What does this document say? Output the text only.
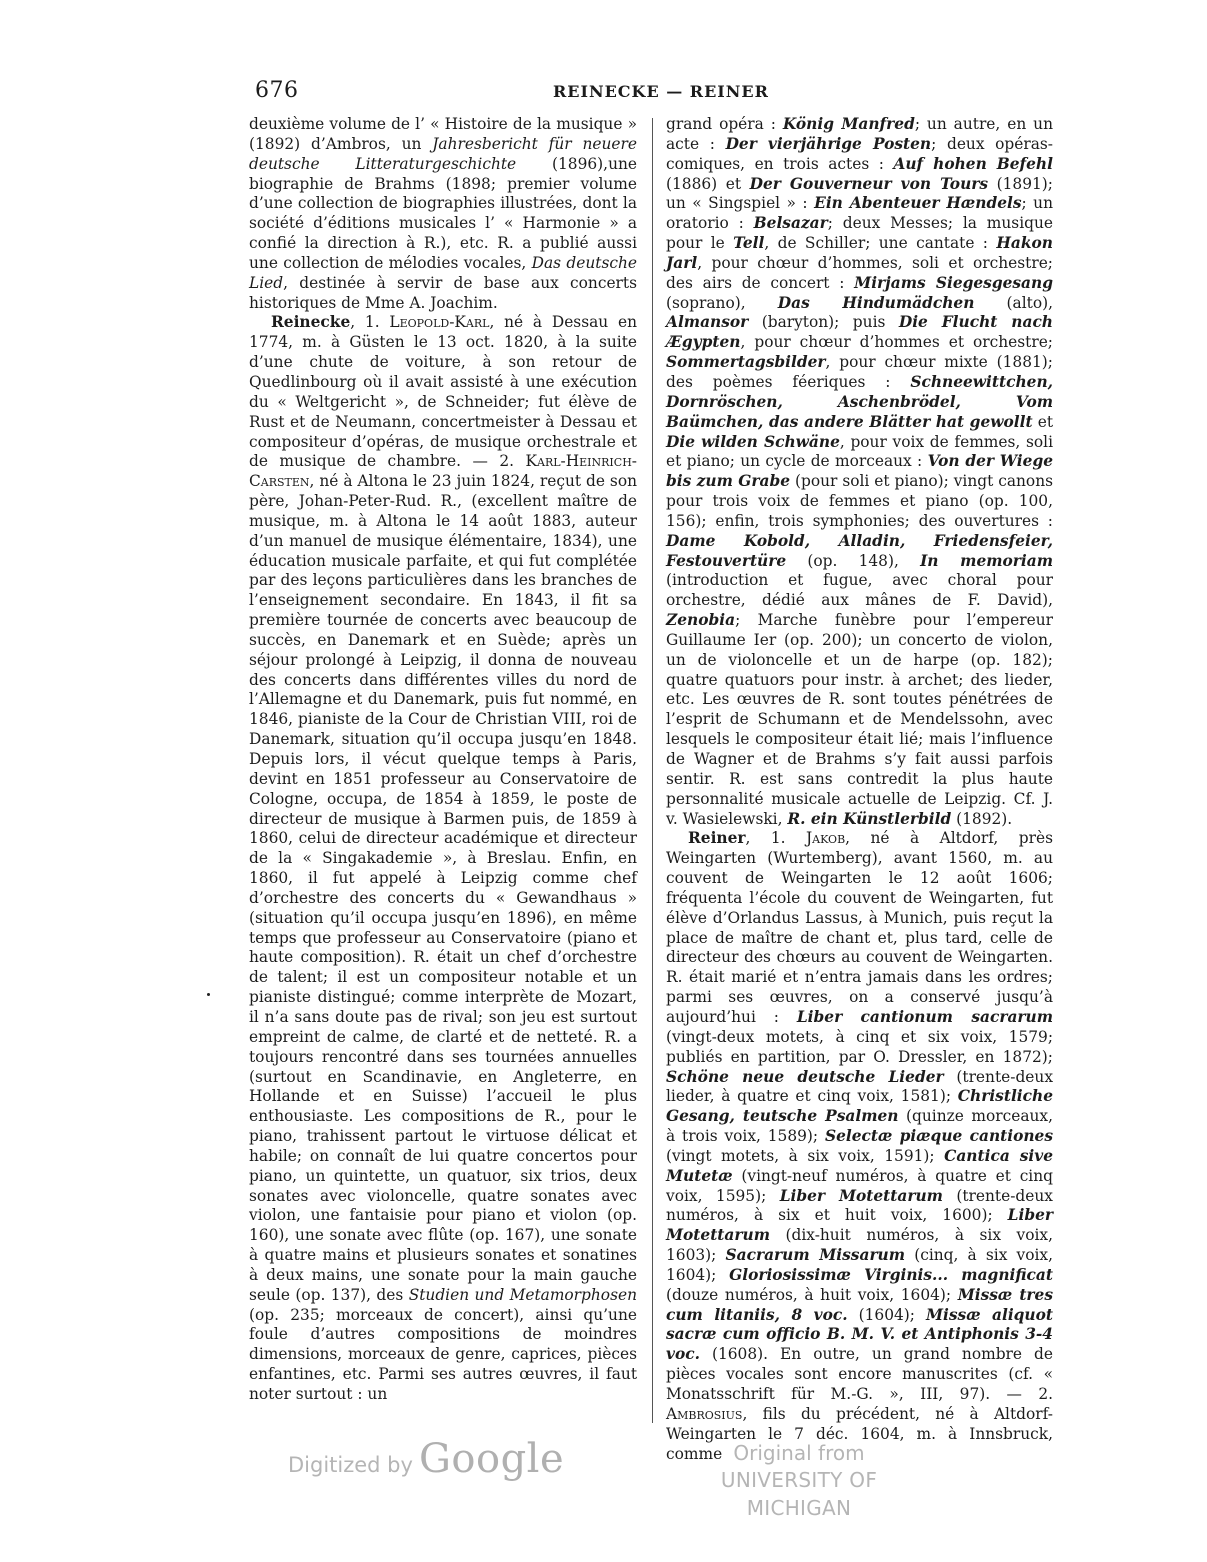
676	REINECKE — REINER

deuxième volume de l’ « Histoire de la musique » (1892) d’Ambros, un Jahresbericht für neuere deutsche Litteraturgeschichte (1896),une biographie de Brahms (1898; premier volume d’une collection de biographies illustrées, dont la société d’éditions musicales l’ « Harmonie » a confié la direction à R.), etc. R. a publié aussi une collection de mélodies vocales, Das deutsche Lied, destinée à servir de base aux concerts historiques de Mme A. Joachim.

Reinecke, 1. Leopold-Karl, né à Dessau en 1774, m. à Güsten le 13 oct. 1820, à la suite d’une chute de voiture, à son retour de Quedlinbourg où il avait assisté à une exécution du « Weltgericht », de Schneider; fut élève de Rust et de Neumann, concertmeister à Dessau et compositeur d’opéras, de musique orchestrale et de musique de chambre. — 2. Karl-Heinrich-Carsten, né à Altona le 23 juin 1824, reçut de son père, Johan-Peter-Rud. R., (excellent maître de musique, m. à Altona le 14 août 1883, auteur d’un manuel de musique élémentaire, 1834), une éducation musicale parfaite, et qui fut complétée par des leçons particulières dans les branches de l’enseignement secondaire. En 1843, il fit sa première tournée de concerts avec beaucoup de succès, en Danemark et en Suède; après un séjour prolongé à Leipzig, il donna de nouveau des concerts dans différentes villes du nord de l’Allemagne et du Danemark, puis fut nommé, en 1846, pianiste de la Cour de Christian VIII, roi de Danemark, situation qu’il occupa jusqu’en 1848. Depuis lors, il vécut quelque temps à Paris, devint en 1851 professeur au Conservatoire de Cologne, occupa, de 1854 à 1859, le poste de directeur de musique à Barmen puis, de 1859 à 1860, celui de directeur académique et directeur de la « Singakademie », à Breslau. Enfin, en 1860, il fut appelé à Leipzig comme chef d’orchestre des concerts du « Gewandhaus » (situation qu’il occupa jusqu’en 1896), en même temps que professeur au Conservatoire (piano et haute composition). R. était un chef d’orchestre de talent; il est un compositeur notable et un pianiste distingué; comme interprète de Mozart, il n’a sans doute pas de rival; son jeu est surtout empreint de calme, de clarté et de netteté. R. a toujours rencontré dans ses tournées annuelles (surtout en Scandinavie, en Angleterre, en Hollande et en Suisse) l’accueil le plus enthousiaste. Les compositions de R., pour le piano, trahissent partout le virtuose délicat et habile; on connaît de lui quatre concertos pour piano, un quintette, un quatuor, six trios, deux sonates avec violoncelle, quatre sonates avec violon, une fantaisie pour piano et violon (op. 160), une sonate avec flûte (op. 167), une sonate à quatre mains et plusieurs sonates et sonatines à deux mains, une sonate pour la main gauche seule (op. 137), des Studien und Metamorphosen (op. 235; morceaux de concert), ainsi qu’une foule d’autres compositions de moindres dimensions, morceaux de genre, caprices, pièces enfantines, etc. Parmi ses autres œuvres, il faut noter surtout : un

grand opéra : König Manfred; un autre, en un acte : Der vierjährige Posten; deux opéras-comiques, en trois actes : Auf hohen Befehl (1886) et Der Gouverneur von Tours (1891); un « Singspiel » : Ein Abenteuer Hændels; un oratorio : Belsazar; deux Messes; la musique pour le Tell, de Schiller; une cantate : Hakon Jarl, pour chœur d’hommes, soli et orchestre; des airs de concert : Mirjams Siegesgesang (soprano), Das Hindumädchen (alto), Almansor (baryton); puis Die Flucht nach Ægypten, pour chœur d’hommes et orchestre; Sommertagsbilder, pour chœur mixte (1881); des poèmes féeriques : Schneewittchen, Dornröschen, Aschenbrödel, Vom Baümchen, das andere Blätter hat gewollt et Die wilden Schwäne, pour voix de femmes, soli et piano; un cycle de morceaux : Von der Wiege bis zum Grabe (pour soli et piano); vingt canons pour trois voix de femmes et piano (op. 100, 156); enfin, trois symphonies; des ouvertures : Dame Kobold, Alladin, Friedensfeier, Festouvertüre (op. 148), In memoriam (introduction et fugue, avec choral pour orchestre, dédié aux mânes de F. David), Zenobia; Marche funèbre pour l’empereur Guillaume Ier (op. 200); un concerto de violon, un de violoncelle et un de harpe (op. 182); quatre quatuors pour instr. à archet; des lieder, etc. Les œuvres de R. sont toutes pénétrées de l’esprit de Schumann et de Mendelssohn, avec lesquels le compositeur était lié; mais l’influence de Wagner et de Brahms s’y fait aussi parfois sentir. R. est sans contredit la plus haute personnalité musicale actuelle de Leipzig. Cf. J. v. Wasielewski, R. ein Künstlerbild (1892).

Reiner, 1. Jakob, né à Altdorf, près Weingarten (Wurtemberg), avant 1560, m. au couvent de Weingarten le 12 août 1606; fréquenta l’école du couvent de Weingarten, fut élève d’Orlandus Lassus, à Munich, puis reçut la place de maître de chant et, plus tard, celle de directeur des chœurs au couvent de Weingarten. R. était marié et n’entra jamais dans les ordres; parmi ses œuvres, on a conservé jusqu’à aujourd’hui : Liber cantionum sacrarum (vingt-deux motets, à cinq et six voix, 1579; publiés en partition, par O. Dressler, en 1872); Schöne neue deutsche Lieder (trente-deux lieder, à quatre et cinq voix, 1581); Christliche Gesang, teutsche Psalmen (quinze morceaux, à trois voix, 1589); Selectæ piæque cantiones (vingt motets, à six voix, 1591); Cantica sive Mutetæ (vingt-neuf numéros, à quatre et cinq voix, 1595); Liber Motettarum (trente-deux numéros, à six et huit voix, 1600); Liber Motettarum (dix-huit numéros, à six voix, 1603); Sacrarum Missarum (cinq, à six voix, 1604); Gloriosissimæ Virginis... magnificat (douze numéros, à huit voix, 1604); Missæ tres cum litaniis, 8 voc. (1604); Missæ aliquot sacræ cum officio B. M. V. et Antiphonis 3-4 voc. (1608). En outre, un grand nombre de pièces vocales sont encore manuscrites (cf. « Monatsschrift für M.-G. », III, 97). — 2. Ambrosius, fils du précédent, né à Altdorf-Weingarten le 7 déc. 1604, m. à Innsbruck, comme

Digitized by Google	Original from
UNIVERSITY OF MICHIGAN
